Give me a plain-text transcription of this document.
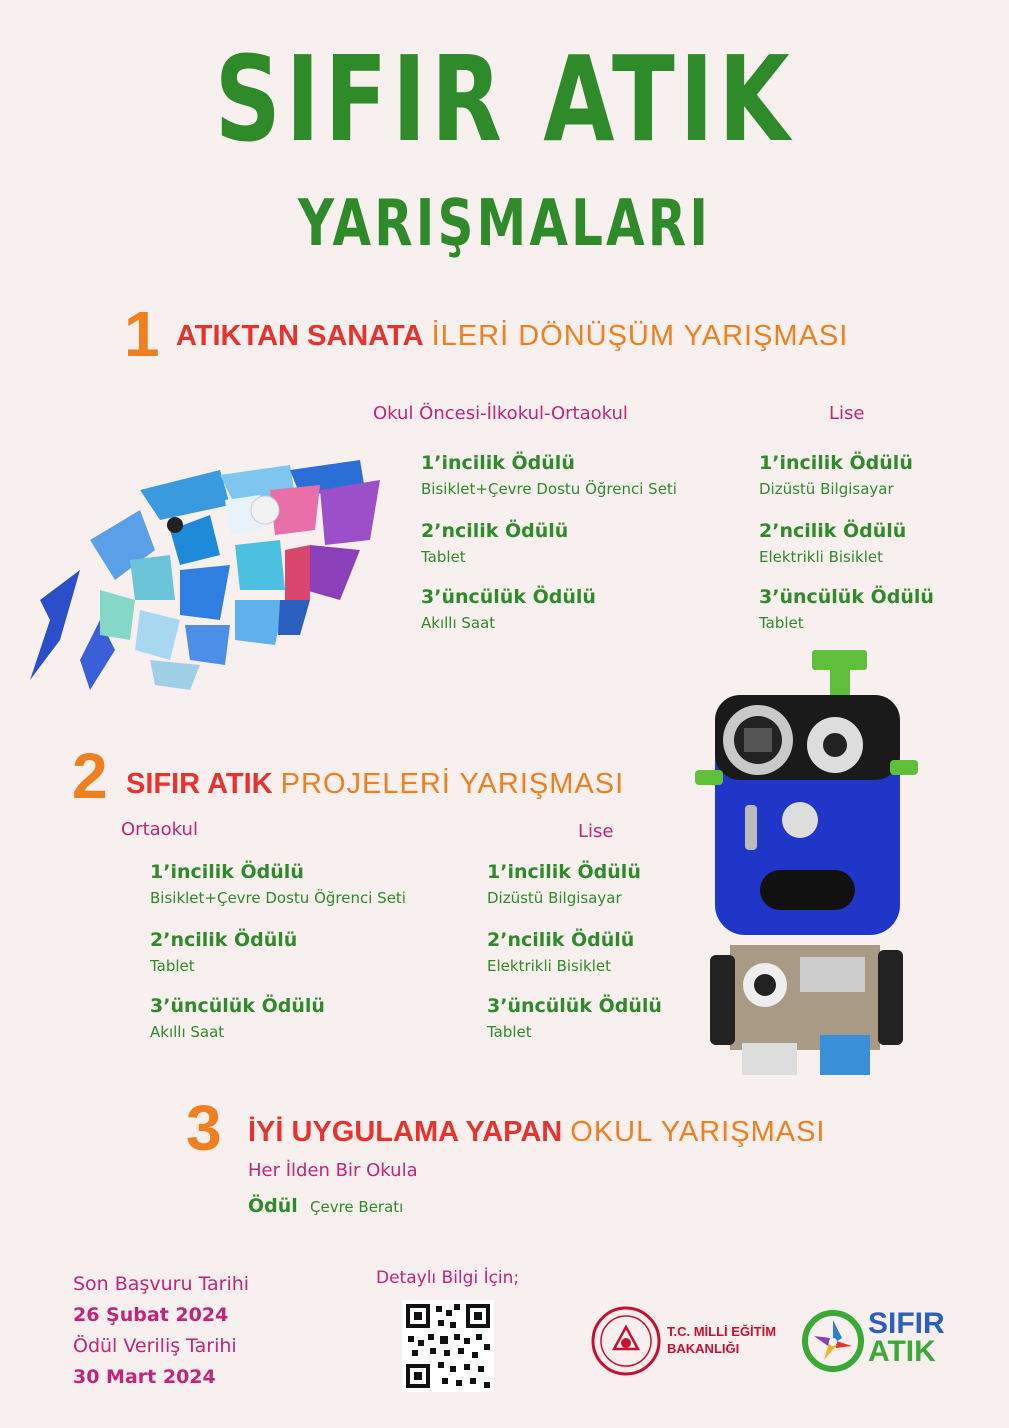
SIFIR ATIK
YARIŞMALARI
1 ATIKTAN SANATA İLERİ DÖNÜŞÜM YARIŞMASI
Okul Öncesi-İlkokul-Ortaokul	Lise
1’incilik Ödülü
Bisiklet+Çevre Dostu Öğrenci Seti
2’ncilik Ödülü
Tablet
3’üncülük Ödülü
Akıllı Saat
1’incilik Ödülü
Dizüstü Bilgisayar
2’ncilik Ödülü
Elektrikli Bisiklet
3’üncülük Ödülü
Tablet
2 SIFIR ATIK PROJELERİ YARIŞMASI
Ortaokul	Lise
1’incilik Ödülü
Bisiklet+Çevre Dostu Öğrenci Seti
2’ncilik Ödülü
Tablet
3’üncülük Ödülü
Akıllı Saat
1’incilik Ödülü
Dizüstü Bilgisayar
2’ncilik Ödülü
Elektrikli Bisiklet
3’üncülük Ödülü
Tablet
3 İYİ UYGULAMA YAPAN OKUL YARIŞMASI
Her İlden Bir Okula
Ödül Çevre Beratı
Son Başvuru Tarihi
26 Şubat 2024
Ödül Veriliş Tarihi
30 Mart 2024
Detaylı Bilgi İçin;
T.C. MİLLİ EĞİTİM
BAKANLIĞI
SIFIR
ATIK
